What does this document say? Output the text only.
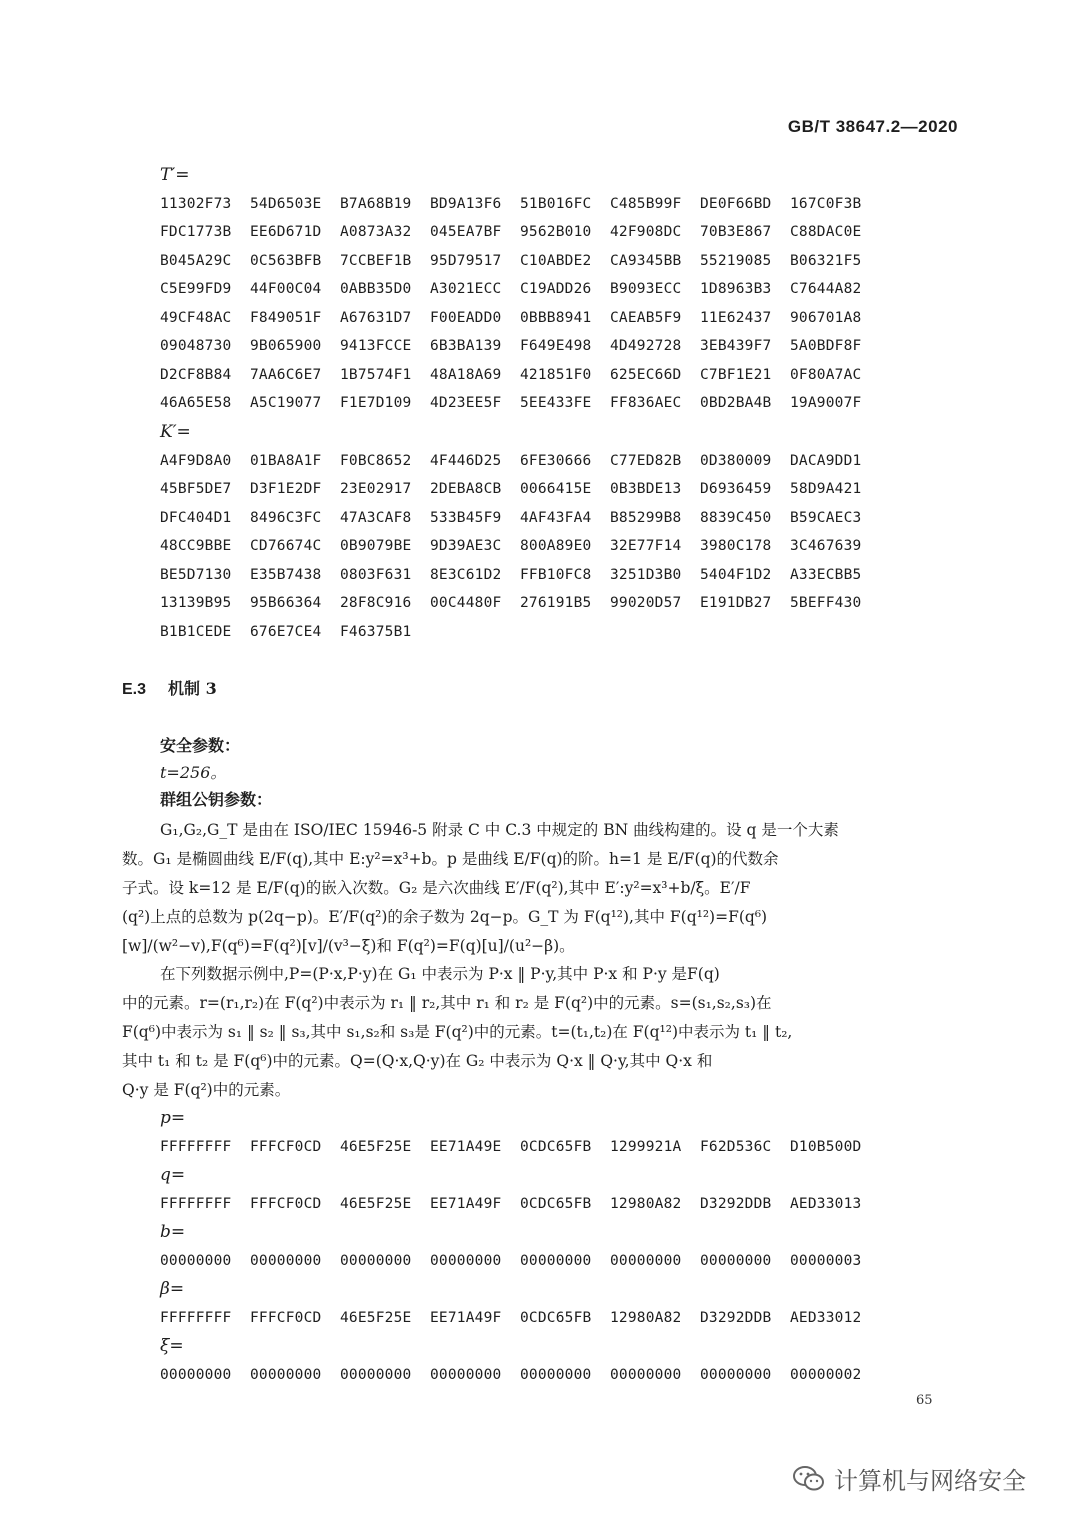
GB/T 38647.2—2020
T′=
11302F73	54D6503E	B7A68B19	BD9A13F6	51B016FC	C485B99F	DE0F66BD	167C0F3B
FDC1773B	EE6D671D	A0873A32	045EA7BF	9562B010	42F908DC	70B3E867	C88DAC0E
B045A29C	0C563BFB	7CCBEF1B	95D79517	C10ABDE2	CA9345BB	55219085	B06321F5
C5E99FD9	44F00C04	0ABB35D0	A3021ECC	C19ADD26	B9093ECC	1D8963B3	C7644A82
49CF48AC	F849051F	A67631D7	F00EADD0	0BBB8941	CAEAB5F9	11E62437	906701A8
09048730	9B065900	9413FCCE	6B3BA139	F649E498	4D492728	3EB439F7	5A0BDF8F
D2CF8B84	7AA6C6E7	1B7574F1	48A18A69	421851F0	625EC66D	C7BF1E21	0F80A7AC
46A65E58	A5C19077	F1E7D109	4D23EE5F	5EE433FE	FF836AEC	0BD2BA4B	19A9007F
K′=
A4F9D8A0	01BA8A1F	F0BC8652	4F446D25	6FE30666	C77ED82B	0D380009	DACA9DD1
45BF5DE7	D3F1E2DF	23E02917	2DEBA8CB	0066415E	0B3BDE13	D6936459	58D9A421
DFC404D1	8496C3FC	47A3CAF8	533B45F9	4AF43FA4	B85299B8	8839C450	B59CAEC3
48CC9BBE	CD76674C	0B9079BE	9D39AE3C	800A89E0	32E77F14	3980C178	3C467639
BE5D7130	E35B7438	0803F631	8E3C61D2	FFB10FC8	3251D3B0	5404F1D2	A33ECBB5
13139B95	95B66364	28F8C916	00C4480F	276191B5	99020D57	E191DB27	5BEFF430
B1B1CEDE	676E7CE4	F46375B1
E.3 机制 3
安全参数：
t=256。
群组公钥参数：
G₁,G₂,G_T 是由在 ISO/IEC 15946-5 附录 C 中 C.3 中规定的 BN 曲线构建的。设 q 是一个大素
数。G₁ 是椭圆曲线 E/F(q),其中 E:y²=x³+b。p 是曲线 E/F(q)的阶。h=1 是 E/F(q)的代数余
子式。设 k=12 是 E/F(q)的嵌入次数。G₂ 是六次曲线 E′/F(q²),其中 E′:y²=x³+b/ξ。E′/F
(q²)上点的总数为 p(2q−p)。E′/F(q²)的余子数为 2q−p。G_T 为 F(q¹²),其中 F(q¹²)=F(q⁶)
[w]/(w²−v),F(q⁶)=F(q²)[v]/(v³−ξ)和 F(q²)=F(q)[u]/(u²−β)。
在下列数据示例中,P=(P·x,P·y)在 G₁ 中表示为 P·x ‖ P·y,其中 P·x 和 P·y 是F(q)
中的元素。r=(r₁,r₂)在 F(q²)中表示为 r₁ ‖ r₂,其中 r₁ 和 r₂ 是 F(q²)中的元素。s=(s₁,s₂,s₃)在
F(q⁶)中表示为 s₁ ‖ s₂ ‖ s₃,其中 s₁,s₂和 s₃是 F(q²)中的元素。t=(t₁,t₂)在 F(q¹²)中表示为 t₁ ‖ t₂,
其中 t₁ 和 t₂ 是 F(q⁶)中的元素。Q=(Q·x,Q·y)在 G₂ 中表示为 Q·x ‖ Q·y,其中 Q·x 和
Q·y 是 F(q²)中的元素。
p=
FFFFFFFF	FFFCF0CD	46E5F25E	EE71A49E	0CDC65FB	1299921A	F62D536C	D10B500D
q=
FFFFFFFF	FFFCF0CD	46E5F25E	EE71A49F	0CDC65FB	12980A82	D3292DDB	AED33013
b=
00000000	00000000	00000000	00000000	00000000	00000000	00000000	00000003
β=
FFFFFFFF	FFFCF0CD	46E5F25E	EE71A49F	0CDC65FB	12980A82	D3292DDB	AED33012
ξ=
00000000	00000000	00000000	00000000	00000000	00000000	00000000	00000002
65
计算机与网络安全
